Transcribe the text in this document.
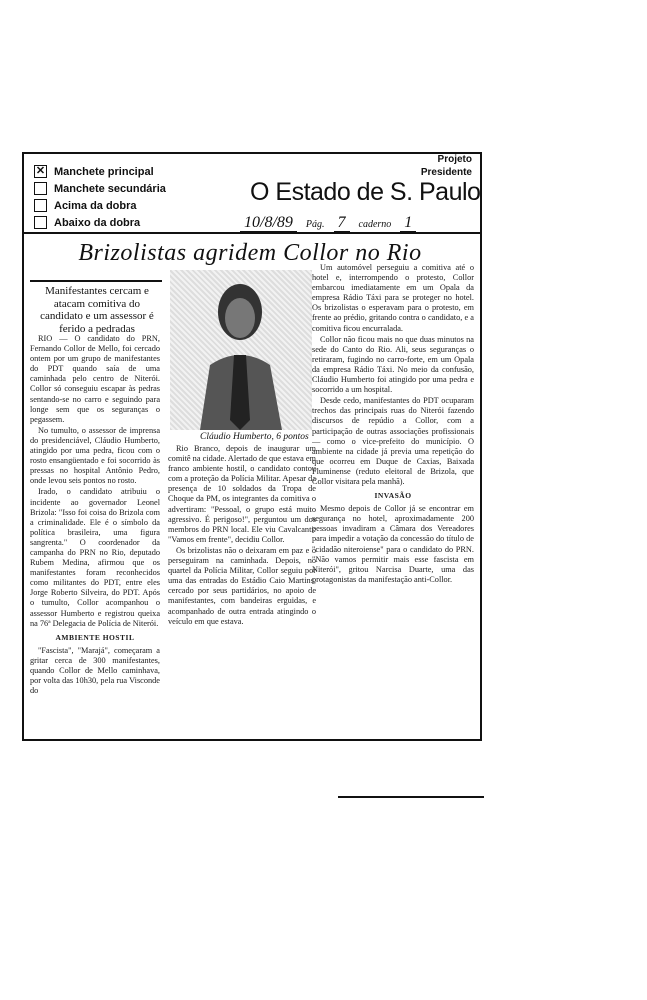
✕ Manchete principal
Manchete secundária
Acima da dobra
Abaixo da dobra
Projeto
Presidente
O Estado de S. Paulo
10/8/89 Pág. 7 caderno 1
Brizolistas agridem Collor no Rio
Manifestantes cercam e atacam comitiva do candidato e um assessor é ferido a pedradas

RIO — O candidato do PRN, Fernando Collor de Mello, foi cercado ontem por um grupo de manifestantes do PDT quando saía de uma caminhada pelo centro de Niterói. Collor só conseguiu escapar às pedras sentando-se no carro e seguindo para longe sem que os seguranças o pegassem.

No tumulto, o assessor de imprensa do presidenciável, Cláudio Humberto, atingido por uma pedra, ficou com o rosto ensangüentado e foi socorrido às pressas no hospital Antônio Pedro, onde levou seis pontos no rosto.

Irado, o candidato atribuiu o incidente ao governador Leonel Brizola: "Isso foi coisa do Brizola com a criminalidade. Ele é o símbolo da política brasileira, uma figura sangrenta." O coordenador da campanha do PRN no Rio, deputado Rubem Medina, afirmou que os manifestantes foram reconhecidos como militantes do PDT, entre eles Jorge Roberto Silveira, do PDT. Após o tumulto, Collor acompanhou o assessor Humberto e registrou queixa na 76ª Delegacia de Polícia de Niterói.

AMBIENTE HOSTIL

"Fascista", "Marajá", começaram a gritar cerca de 300 manifestantes, quando Collor de Mello caminhava, por volta das 10h30, pela rua Visconde do

Cláudio Humberto, 6 pontos

Rio Branco, depois de inaugurar um comitê na cidade. Alertado de que estava em franco ambiente hostil, o candidato contou com a proteção da Polícia Militar. Apesar da presença de 10 soldados da Tropa de Choque da PM, os integrantes da comitiva o advertiram: "Pessoal, o grupo está muito agressivo. É perigoso!", perguntou um dos membros do PRN local. Ele viu Cavalcanti: "Vamos em frente", decidiu Collor.

Os brizolistas não o deixaram em paz e o perseguiram na caminhada. Depois, no quartel da Polícia Militar, Collor seguiu por uma das entradas do Estádio Caio Martins, cercado por seus partidários, no apoio de manifestantes, com bandeiras erguidas, e acompanhado de outra entrada atingindo o veículo em que estava.

Um automóvel perseguiu a comitiva até o hotel e, interrompendo o protesto, Collor embarcou imediatamente em um Opala da empresa Rádio Táxi para se proteger no hotel. Os brizolistas o esperavam para o protesto, em frente ao prédio, gritando contra o candidato, e a comitiva ficou encurralada.

Collor não ficou mais no que duas minutos na sede do Canto do Rio. Ali, seus seguranças o retiraram, fugindo no carro-forte, em um Opala da empresa Rádio Táxi. No meio da confusão, Cláudio Humberto foi atingido por uma pedra e socorrido a um hospital.

Desde cedo, manifestantes do PDT ocuparam trechos das principais ruas do Niterói fazendo discursos de repúdio a Collor, com a participação de outras associações profissionais — como o vice-prefeito do município. O ambiente na cidade já previa uma repetição do que ocorreu em Duque de Caxias, Baixada Fluminense (reduto eleitoral de Brizola, que Collor visitara pela manhã).

INVASÃO

Mesmo depois de Collor já se encontrar em segurança no hotel, aproximadamente 200 pessoas invadiram a Câmara dos Vereadores para impedir a votação da concessão do título de "cidadão niteroiense" para o candidato do PRN. "Não vamos permitir mais esse fascista em Niterói", gritou Narcisa Duarte, uma das protagonistas da manifestação anti-Collor.
